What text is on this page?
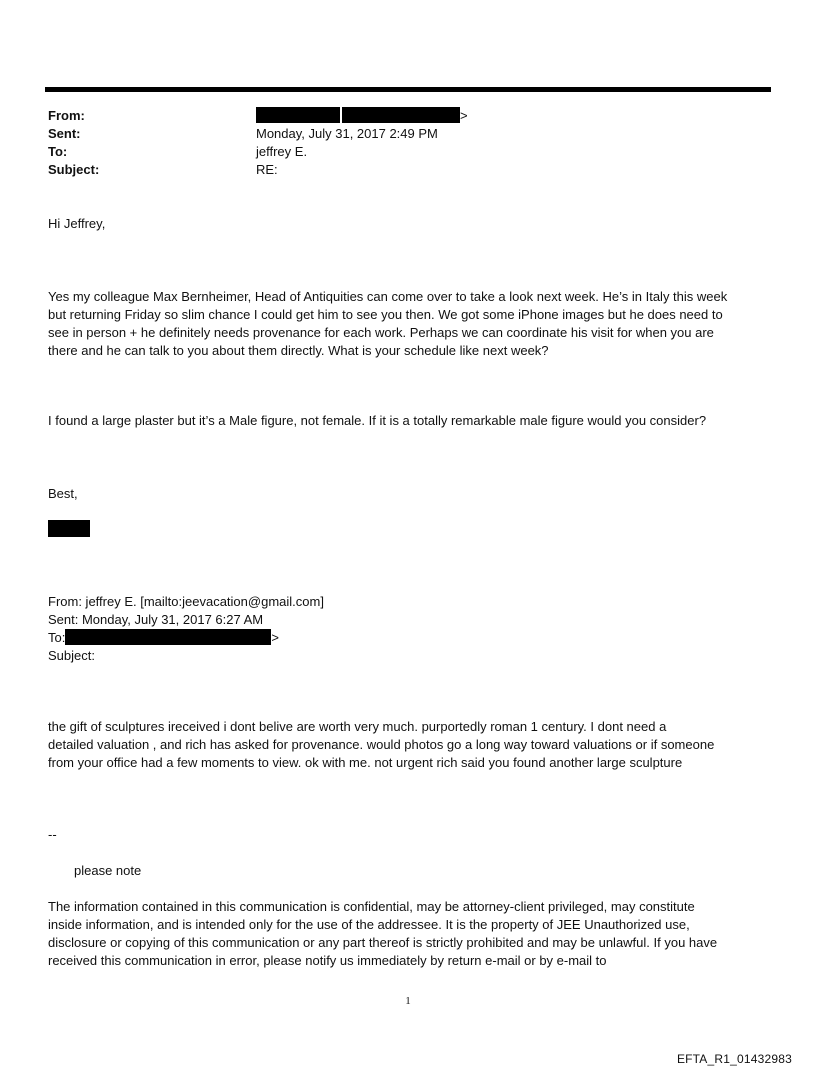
From:	>
Sent:	Monday, July 31, 2017 2:49 PM
To:	jeffrey E.
Subject:	RE:
Hi Jeffrey,
Yes my colleague Max Bernheimer, Head of Antiquities can come over to take a look next week. He’s in Italy this week
but returning Friday so slim chance I could get him to see you then. We got some iPhone images but he does need to
see in person + he definitely needs provenance for each work. Perhaps we can coordinate his visit for when you are
there and he can talk to you about them directly. What is your schedule like next week?
I found a large plaster but it’s a Male figure, not female. If it is a totally remarkable male figure would you consider?
Best,
From: jeffrey E. [mailto:jeevacation@gmail.com]
Sent: Monday, July 31, 2017 6:27 AM
To:	>
Subject:
the gift of sculptures ireceived i dont belive are worth very much. purportedly roman 1 century. I dont need a
detailed valuation , and rich has asked for provenance. would photos go a long way toward valuations or if someone
from your office had a few moments to view. ok with me. not urgent rich said you found another large sculpture
--
please note
The information contained in this communication is confidential, may be attorney-client privileged, may constitute
inside information, and is intended only for the use of the addressee. It is the property of JEE Unauthorized use,
disclosure or copying of this communication or any part thereof is strictly prohibited and may be unlawful. If you have
received this communication in error, please notify us immediately by return e-mail or by e-mail to
1
EFTA_R1_01432983
